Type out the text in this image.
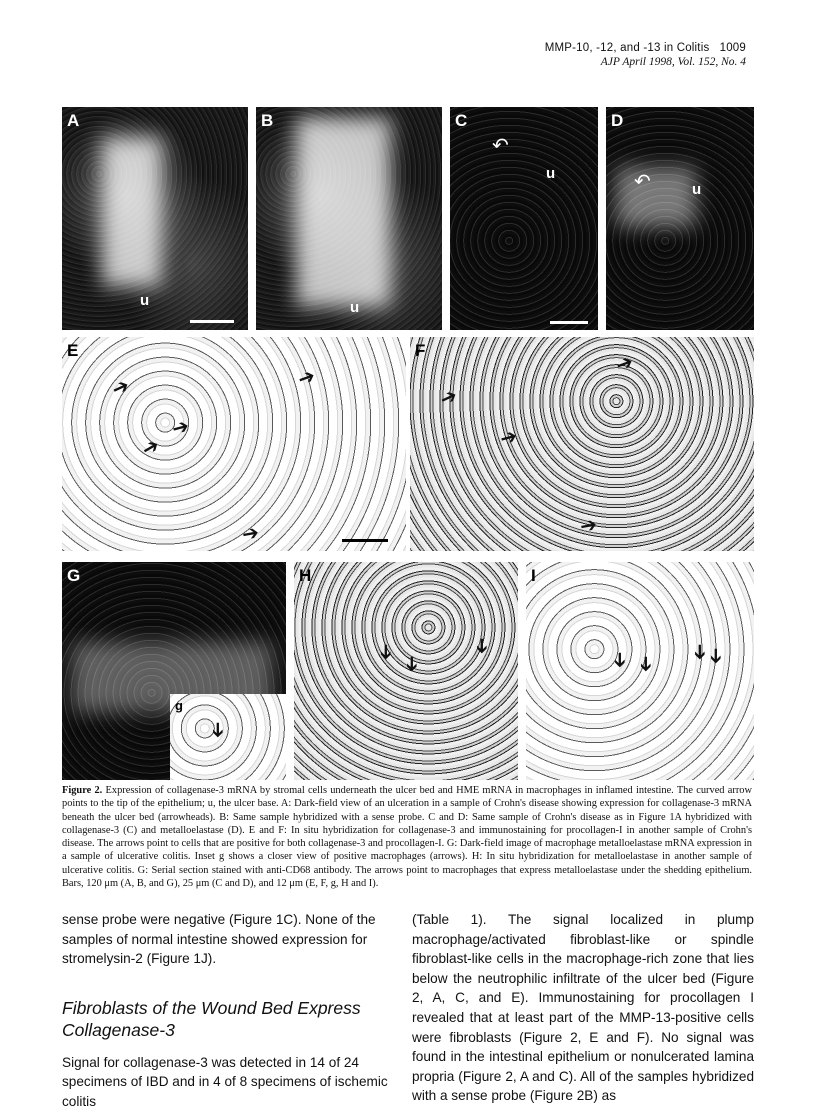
MMP-10, -12, and -13 in Colitis 1009
AJP April 1998, Vol. 152, No. 4
A
u
B
u
C
↶
u
D
↶	u
E
➔	➔
➔
➔
➔
F
➔
➔
➔
➔
G
g
➔
H
➔
➔
➔
I
➔ ➔
➔
➔
Figure 2. Expression of collagenase-3 mRNA by stromal cells underneath the ulcer bed and HME mRNA in macrophages in inflamed intestine. The curved arrow points to the tip of the epithelium; u, the ulcer base. A: Dark-field view of an ulceration in a sample of Crohn's disease showing expression for collagenase-3 mRNA beneath the ulcer bed (arrowheads). B: Same sample hybridized with a sense probe. C and D: Same sample of Crohn's disease as in Figure 1A hybridized with collagenase-3 (C) and metalloelastase (D). E and F: In situ hybridization for collagenase-3 and immunostaining for procollagen-I in another sample of Crohn's disease. The arrows point to cells that are positive for both collagenase-3 and procollagen-I. G: Dark-field image of macrophage metalloelastase mRNA expression in a sample of ulcerative colitis. Inset g shows a closer view of positive macrophages (arrows). H: In situ hybridization for metalloelastase in another sample of ulcerative colitis. G: Serial section stained with anti-CD68 antibody. The arrows point to macrophages that express metalloelastase under the shedding epithelium. Bars, 120 μm (A, B, and G), 25 μm (C and D), and 12 μm (E, F, g, H and I).

sense probe were negative (Figure 1C). None of the samples of normal intestine showed expression for stromelysin-2 (Figure 1J).

Fibroblasts of the Wound Bed Express Collagenase-3

Signal for collagenase-3 was detected in 14 of 24 specimens of IBD and in 4 of 8 specimens of ischemic colitis

(Table 1). The signal localized in plump macrophage/activated fibroblast-like or spindle fibroblast-like cells in the macrophage-rich zone that lies below the neutrophilic infiltrate of the ulcer bed (Figure 2, A, C, and E). Immunostaining for procollagen I revealed that at least part of the MMP-13-positive cells were fibroblasts (Figure 2, E and F). No signal was found in the intestinal epithelium or nonulcerated lamina propria (Figure 2, A and C). All of the samples hybridized with a sense probe (Figure 2B) as
